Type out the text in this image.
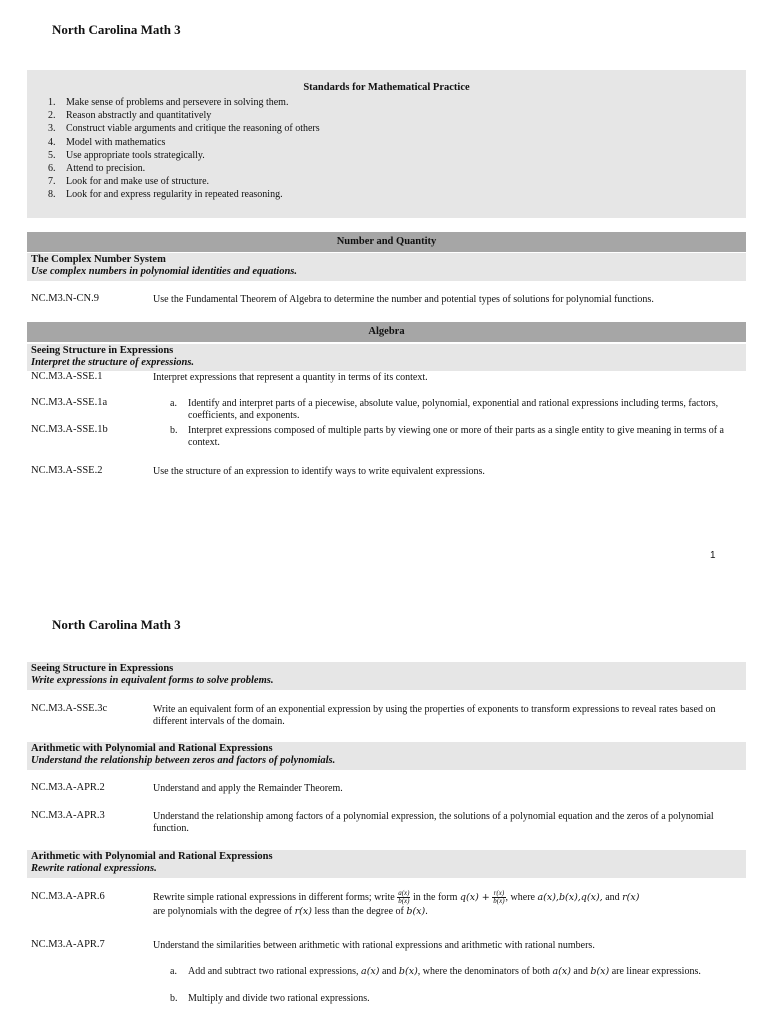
North Carolina Math 3
Standards for Mathematical Practice
1. Make sense of problems and persevere in solving them.
2. Reason abstractly and quantitatively
3. Construct viable arguments and critique the reasoning of others
4. Model with mathematics
5. Use appropriate tools strategically.
6. Attend to precision.
7. Look for and make use of structure.
8. Look for and express regularity in repeated reasoning.
Number and Quantity
The Complex Number System
Use complex numbers in polynomial identities and equations.
NC.M3.N-CN.9	Use the Fundamental Theorem of Algebra to determine the number and potential types of solutions for polynomial functions.
Algebra
Seeing Structure in Expressions
Interpret the structure of expressions.
NC.M3.A-SSE.1	Interpret expressions that represent a quantity in terms of its context.
NC.M3.A-SSE.1a	a. Identify and interpret parts of a piecewise, absolute value, polynomial, exponential and rational expressions including terms, factors, coefficients, and exponents.
NC.M3.A-SSE.1b	b. Interpret expressions composed of multiple parts by viewing one or more of their parts as a single entity to give meaning in terms of a context.
NC.M3.A-SSE.2	Use the structure of an expression to identify ways to write equivalent expressions.
1
North Carolina Math 3
Seeing Structure in Expressions
Write expressions in equivalent forms to solve problems.
NC.M3.A-SSE.3c	Write an equivalent form of an exponential expression by using the properties of exponents to transform expressions to reveal rates based on different intervals of the domain.
Arithmetic with Polynomial and Rational Expressions
Understand the relationship between zeros and factors of polynomials.
NC.M3.A-APR.2	Understand and apply the Remainder Theorem.
NC.M3.A-APR.3	Understand the relationship among factors of a polynomial expression, the solutions of a polynomial equation and the zeros of a polynomial function.
Arithmetic with Polynomial and Rational Expressions
Rewrite rational expressions.
NC.M3.A-APR.6	Rewrite simple rational expressions in different forms; write $\frac{a(x)}{b(x)}$ in the form $q(x) + \frac{r(x)}{b(x)}$ , where a(x),b(x),q(x), and r(x)
are polynomials with the degree of r(x) less than the degree of b(x).
NC.M3.A-APR.7	Understand the similarities between arithmetic with rational expressions and arithmetic with rational numbers.
a. Add and subtract two rational expressions, a(x) and b(x), where the denominators of both a(x) and b(x) are linear expressions.
b. Multiply and divide two rational expressions.
